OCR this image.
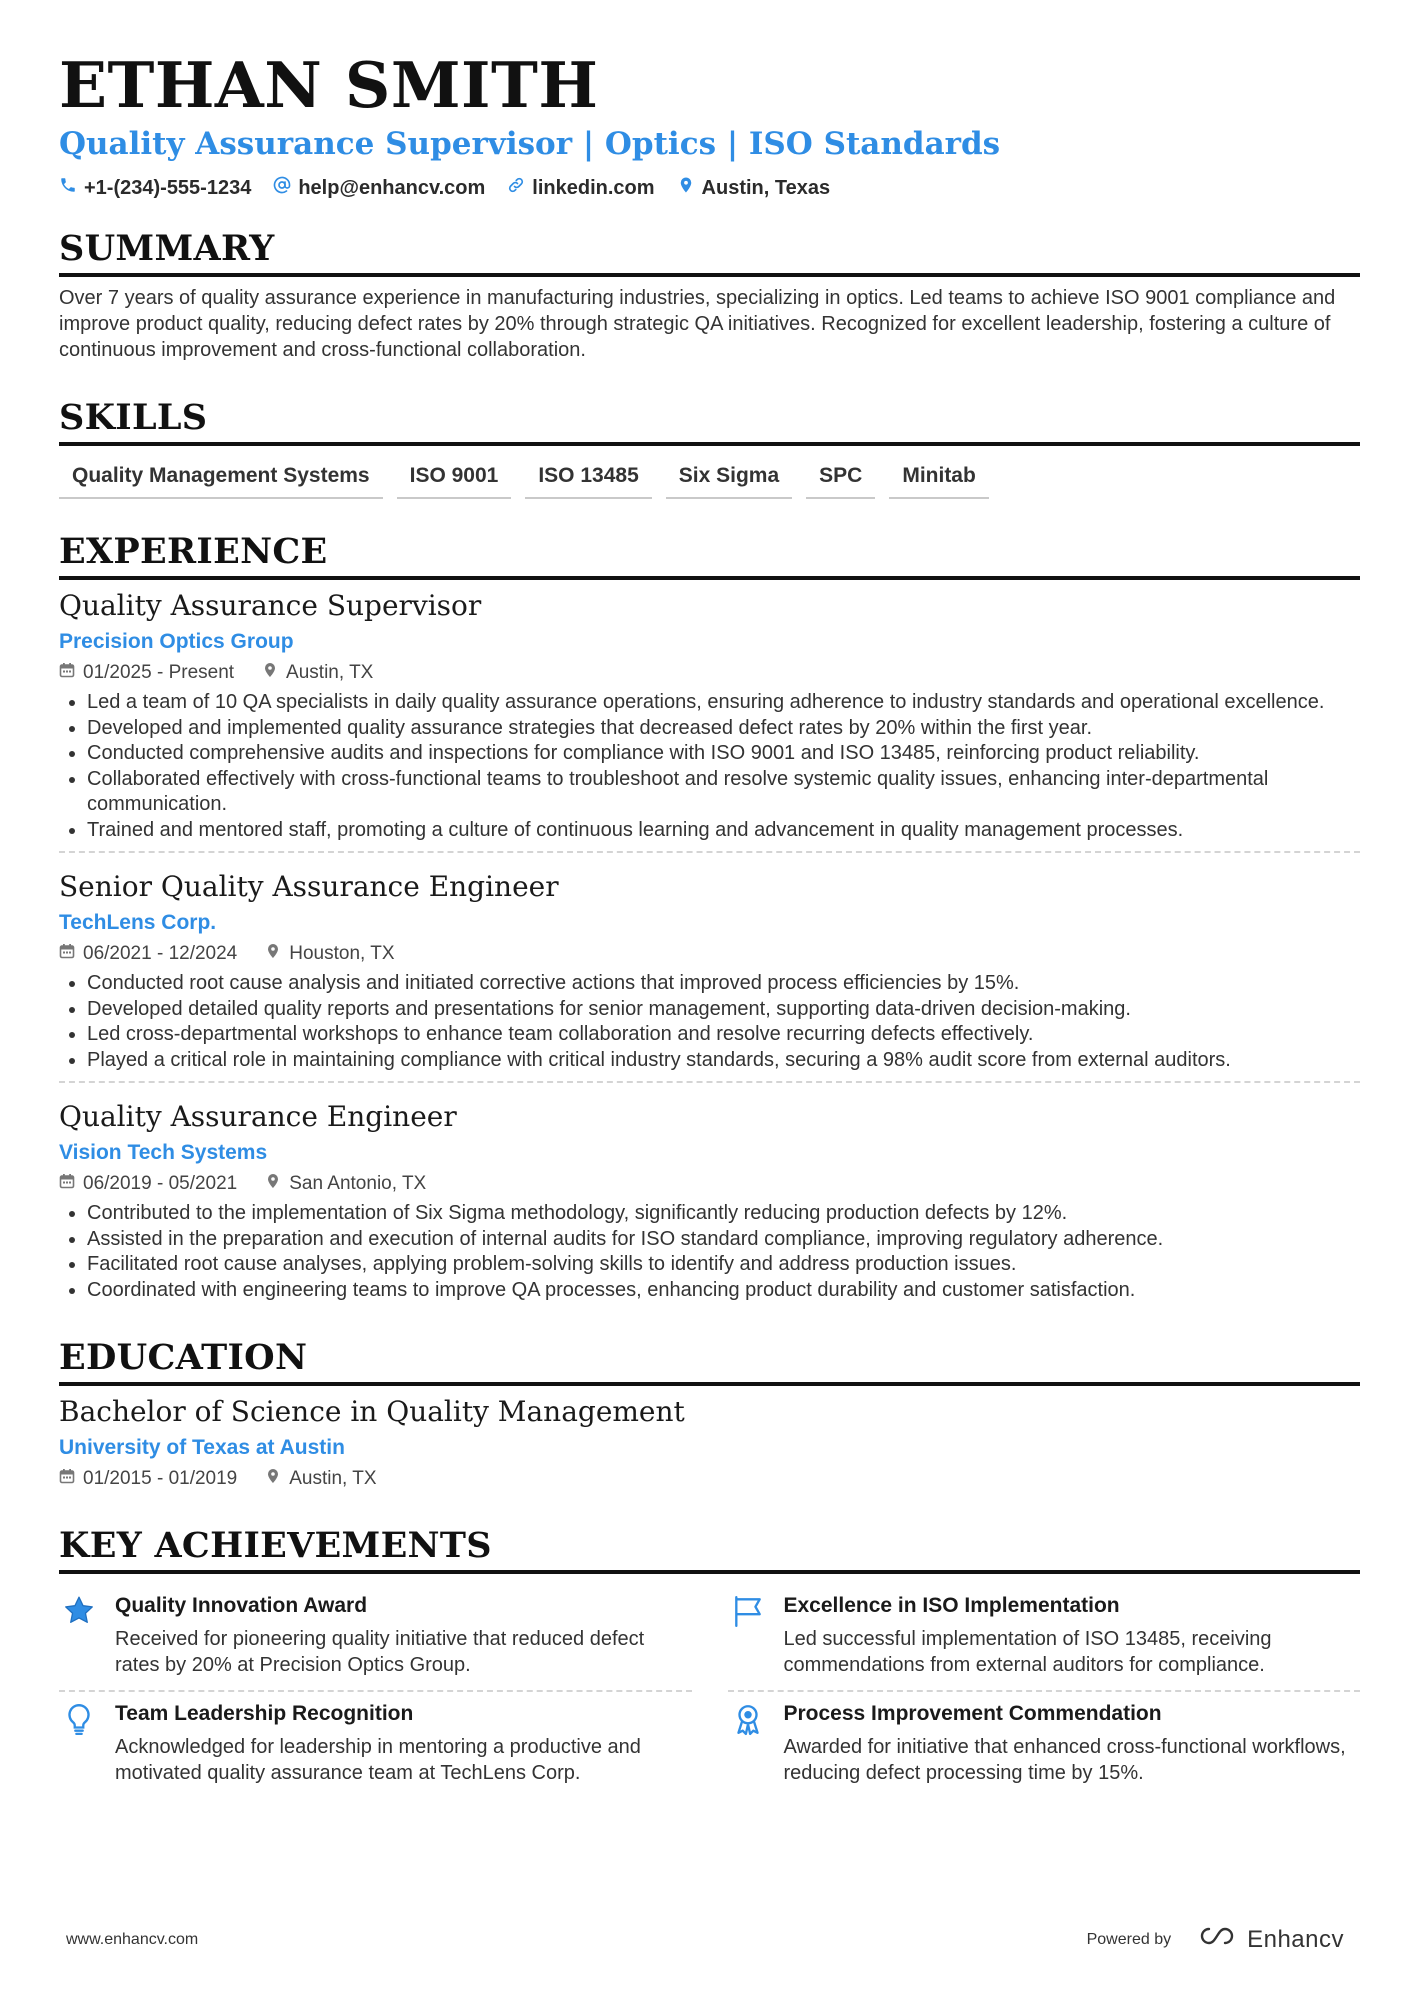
ETHAN SMITH
Quality Assurance Supervisor | Optics | ISO Standards
+1-(234)-555-1234 help@enhancv.com linkedin.com Austin, Texas
SUMMARY
Over 7 years of quality assurance experience in manufacturing industries, specializing in optics. Led teams to achieve ISO 9001 compliance and improve product quality, reducing defect rates by 20% through strategic QA initiatives. Recognized for excellent leadership, fostering a culture of continuous improvement and cross-functional collaboration.
SKILLS
Quality Management Systems	ISO 9001	ISO 13485	Six Sigma	SPC	Minitab
EXPERIENCE
Quality Assurance Supervisor
Precision Optics Group
01/2025 - Present	Austin, TX
• Led a team of 10 QA specialists in daily quality assurance operations, ensuring adherence to industry standards and operational excellence.
• Developed and implemented quality assurance strategies that decreased defect rates by 20% within the first year.
• Conducted comprehensive audits and inspections for compliance with ISO 9001 and ISO 13485, reinforcing product reliability.
• Collaborated effectively with cross-functional teams to troubleshoot and resolve systemic quality issues, enhancing inter-departmental communication.
• Trained and mentored staff, promoting a culture of continuous learning and advancement in quality management processes.
Senior Quality Assurance Engineer
TechLens Corp.
06/2021 - 12/2024	Houston, TX
• Conducted root cause analysis and initiated corrective actions that improved process efficiencies by 15%.
• Developed detailed quality reports and presentations for senior management, supporting data-driven decision-making.
• Led cross-departmental workshops to enhance team collaboration and resolve recurring defects effectively.
• Played a critical role in maintaining compliance with critical industry standards, securing a 98% audit score from external auditors.
Quality Assurance Engineer
Vision Tech Systems
06/2019 - 05/2021	San Antonio, TX
• Contributed to the implementation of Six Sigma methodology, significantly reducing production defects by 12%.
• Assisted in the preparation and execution of internal audits for ISO standard compliance, improving regulatory adherence.
• Facilitated root cause analyses, applying problem-solving skills to identify and address production issues.
• Coordinated with engineering teams to improve QA processes, enhancing product durability and customer satisfaction.
EDUCATION
Bachelor of Science in Quality Management
University of Texas at Austin
01/2015 - 01/2019	Austin, TX
KEY ACHIEVEMENTS
Quality Innovation Award
Received for pioneering quality initiative that reduced defect rates by 20% at Precision Optics Group.
Excellence in ISO Implementation
Led successful implementation of ISO 13485, receiving commendations from external auditors for compliance.
Team Leadership Recognition
Acknowledged for leadership in mentoring a productive and motivated quality assurance team at TechLens Corp.
Process Improvement Commendation
Awarded for initiative that enhanced cross-functional workflows, reducing defect processing time by 15%.
www.enhancv.com	Powered by	Enhancv
